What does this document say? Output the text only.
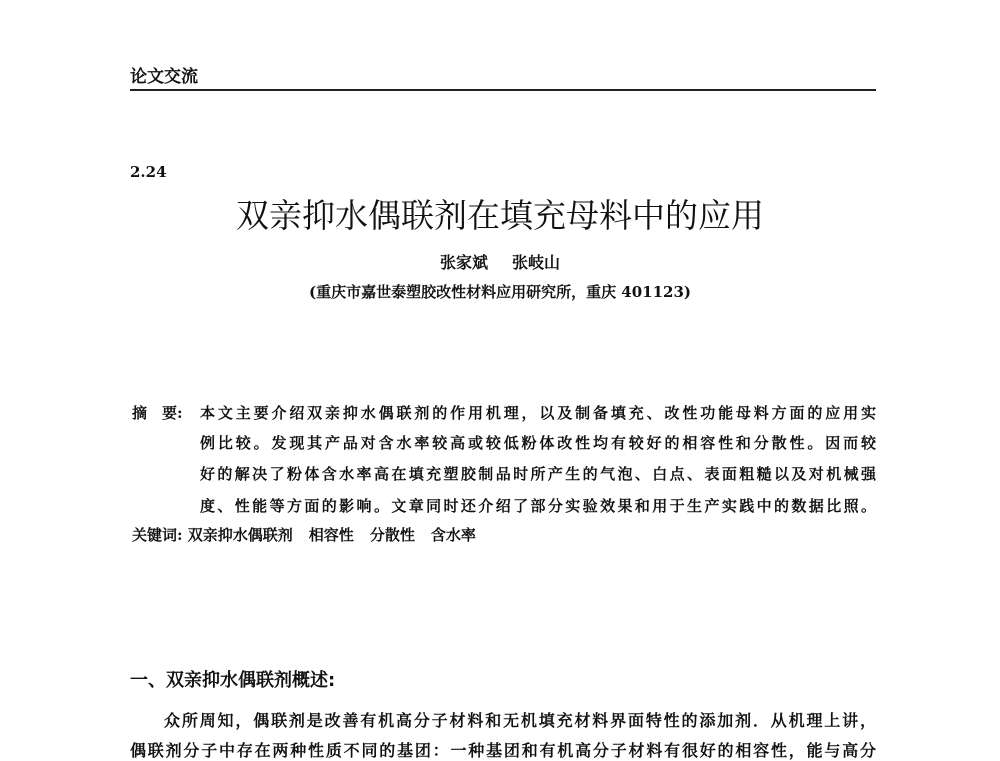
论文交流
2.24
双亲抑水偶联剂在填充母料中的应用
张家斌 张岐山
(重庆市嘉世泰塑胶改性材料应用研究所，重庆 401123)
摘　要: 本文主要介绍双亲抑水偶联剂的作用机理，以及制备填充、改性功能母料方面的应用实
例比较。发现其产品对含水率较高或较低粉体改性均有较好的相容性和分散性。因而较
好的解决了粉体含水率高在填充塑胶制品时所产生的气泡、白点、表面粗糙以及对机械强
度、性能等方面的影响。文章同时还介绍了部分实验效果和用于生产实践中的数据比照。
关键词: 双亲抑水偶联剂 相容性 分散性 含水率
一、双亲抑水偶联剂概述:
众所周知，偶联剂是改善有机高分子材料和无机填充材料界面特性的添加剂．从机理上讲，
偶联剂分子中存在两种性质不同的基团：一种基团和有机高分子材料有很好的相容性，能与高分
